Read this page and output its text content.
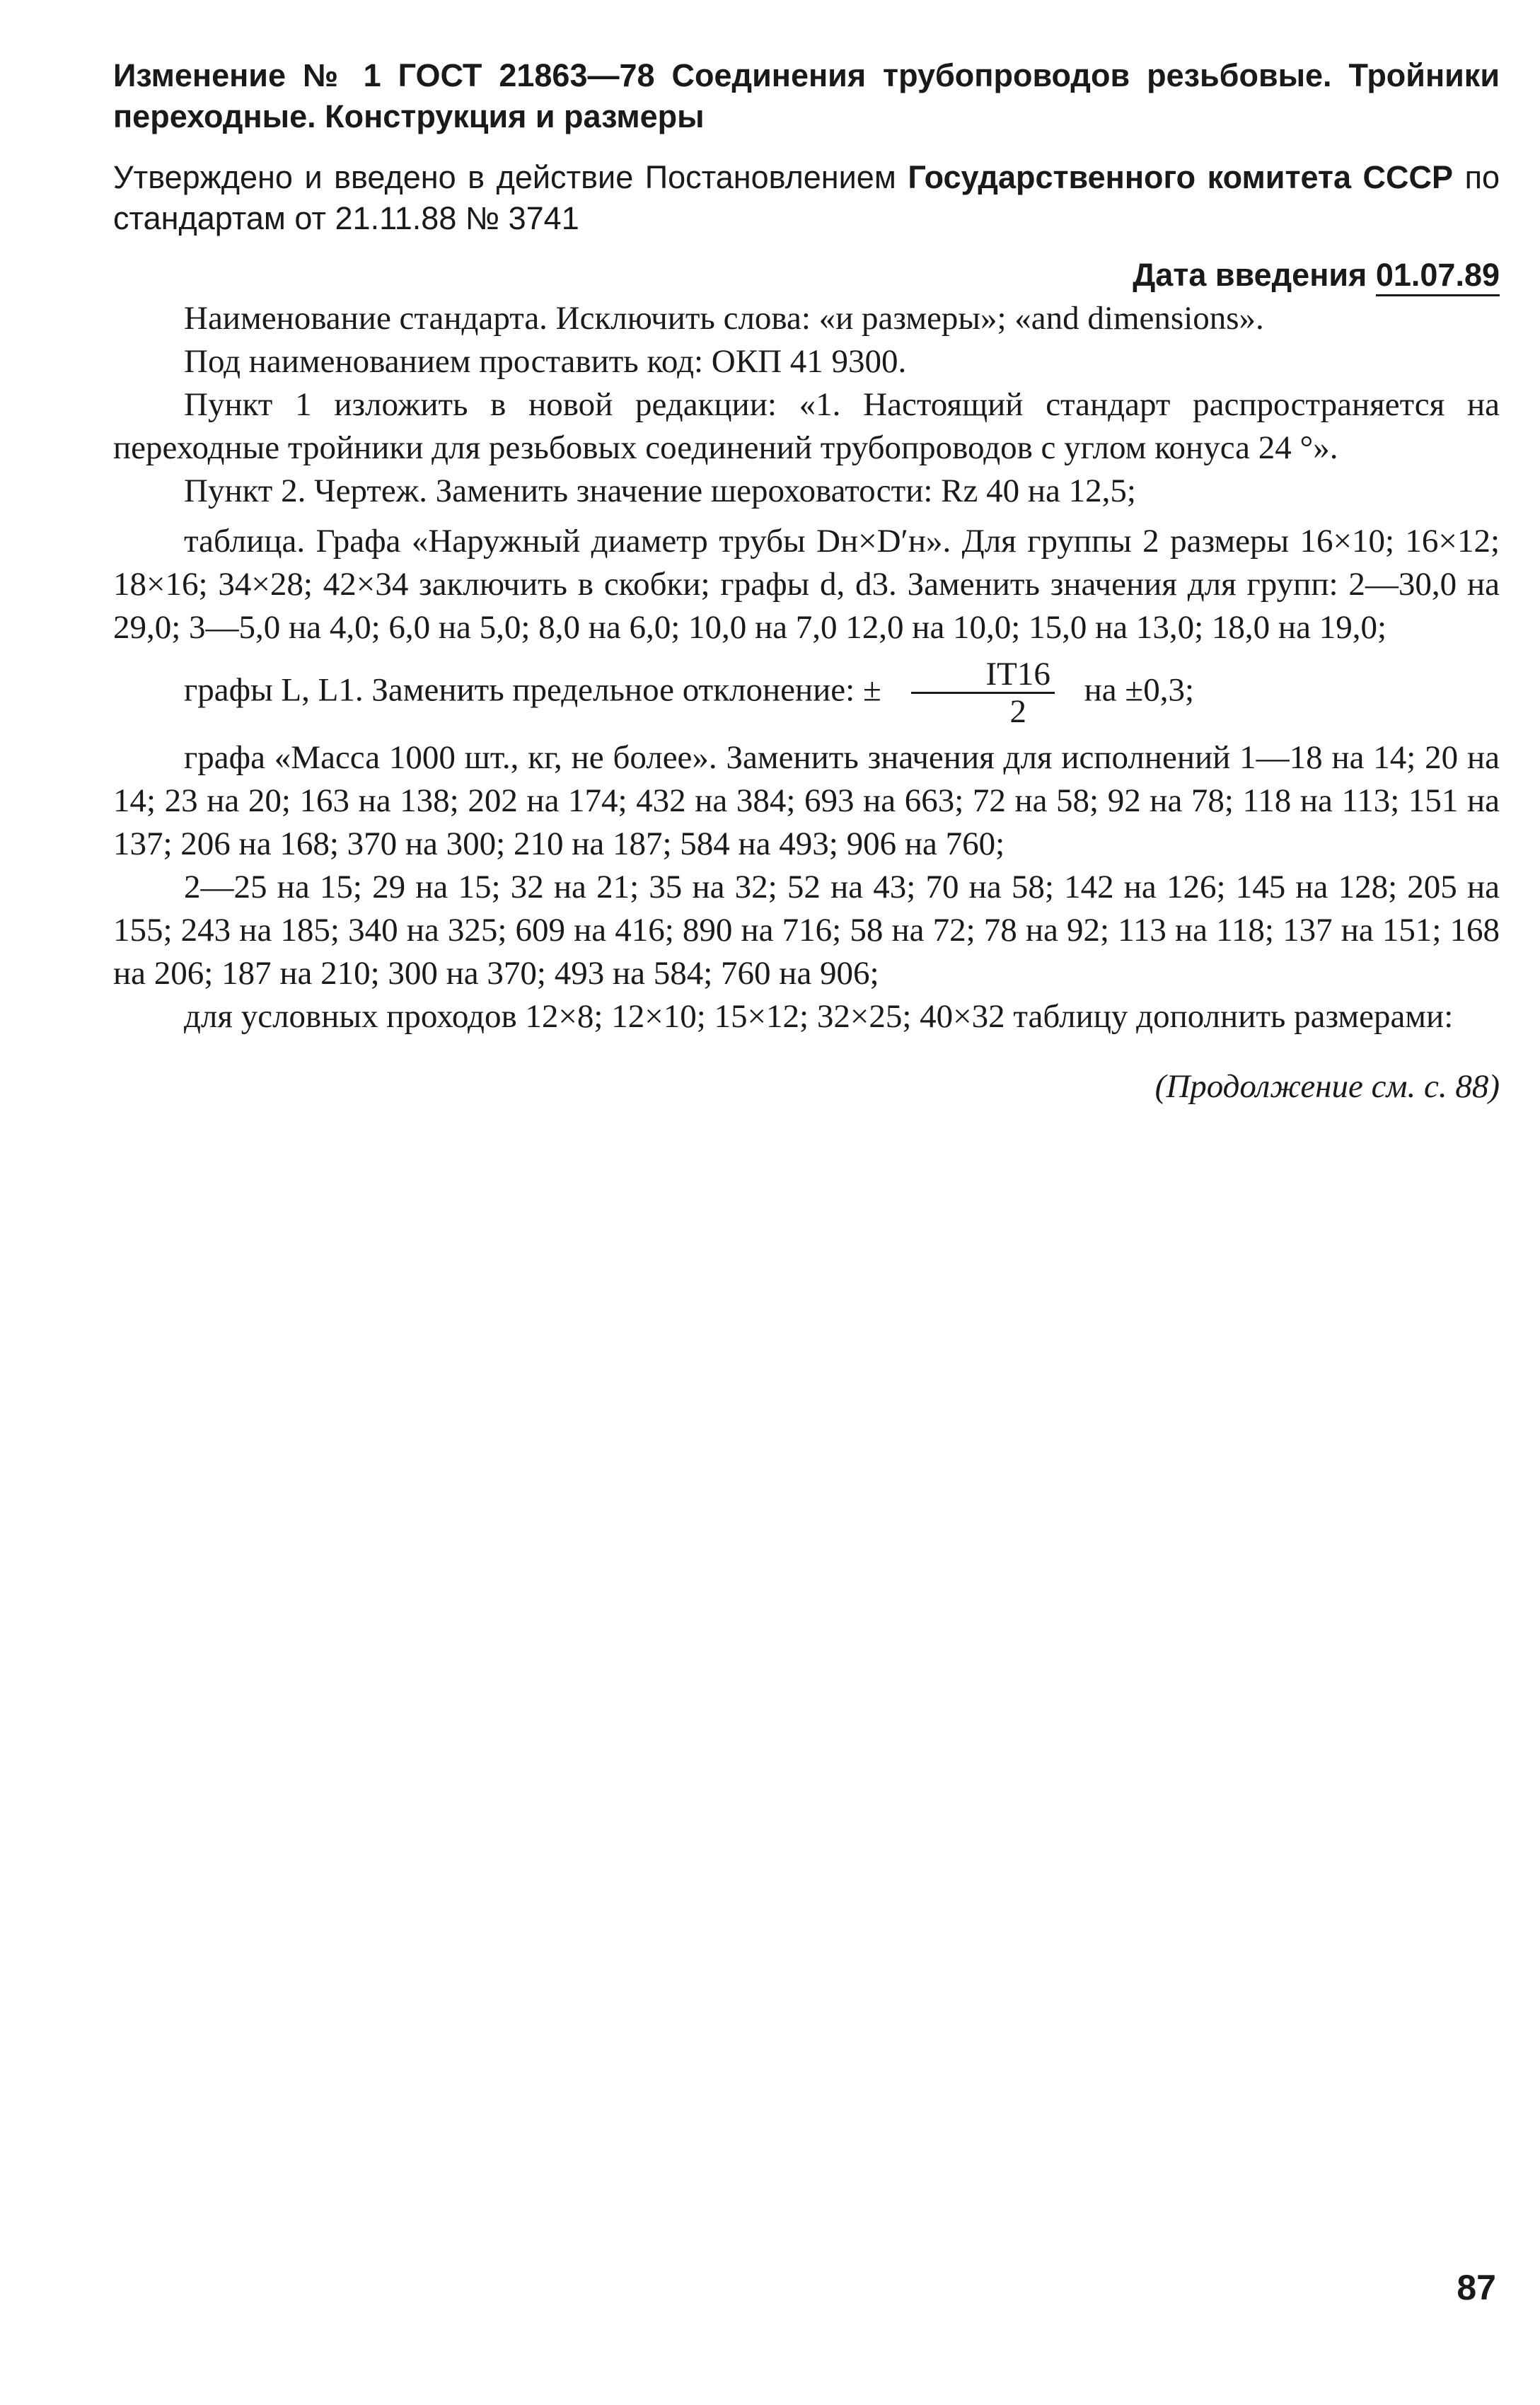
Изменение № 1 ГОСТ 21863—78 Соединения трубопроводов резьбовые. Тройники переходные. Конструкция и размеры

Утверждено и введено в действие Постановлением Государственного комитета СССР по стандартам от 21.11.88 № 3741

Дата введения 01.07.89

Наименование стандарта. Исключить слова: «и размеры»; «and dimensions».

Под наименованием проставить код: ОКП 41 9300.

Пункт 1 изложить в новой редакции: «1. Настоящий стандарт распространяется на переходные тройники для резьбовых соединений трубопроводов с углом конуса 24 °».

Пункт 2. Чертеж. Заменить значение шероховатости: Rz 40 на 12,5;

таблица. Графа «Наружный диаметр трубы Dн×D′н». Для группы 2 размеры 16×10; 16×12; 18×16; 34×28; 42×34 заключить в скобки; графы d, d3. Заменить значения для групп: 2—30,0 на 29,0; 3—5,0 на 4,0; 6,0 на 5,0; 8,0 на 6,0; 10,0 на 7,0 12,0 на 10,0; 15,0 на 13,0; 18,0 на 19,0;

графы L, L1. Заменить предельное отклонение: ± $\frac{IT16}{2}$ на ±0,3;

графа «Масса 1000 шт., кг, не более». Заменить значения для исполнений 1—18 на 14; 20 на 14; 23 на 20; 163 на 138; 202 на 174; 432 на 384; 693 на 663; 72 на 58; 92 на 78; 118 на 113; 151 на 137; 206 на 168; 370 на 300; 210 на 187; 584 на 493; 906 на 760;

2—25 на 15; 29 на 15; 32 на 21; 35 на 32; 52 на 43; 70 на 58; 142 на 126; 145 на 128; 205 на 155; 243 на 185; 340 на 325; 609 на 416; 890 на 716; 58 на 72; 78 на 92; 113 на 118; 137 на 151; 168 на 206; 187 на 210; 300 на 370; 493 на 584; 760 на 906;

для условных проходов 12×8; 12×10; 15×12; 32×25; 40×32 таблицу дополнить размерами:

(Продолжение см. с. 88)

87
